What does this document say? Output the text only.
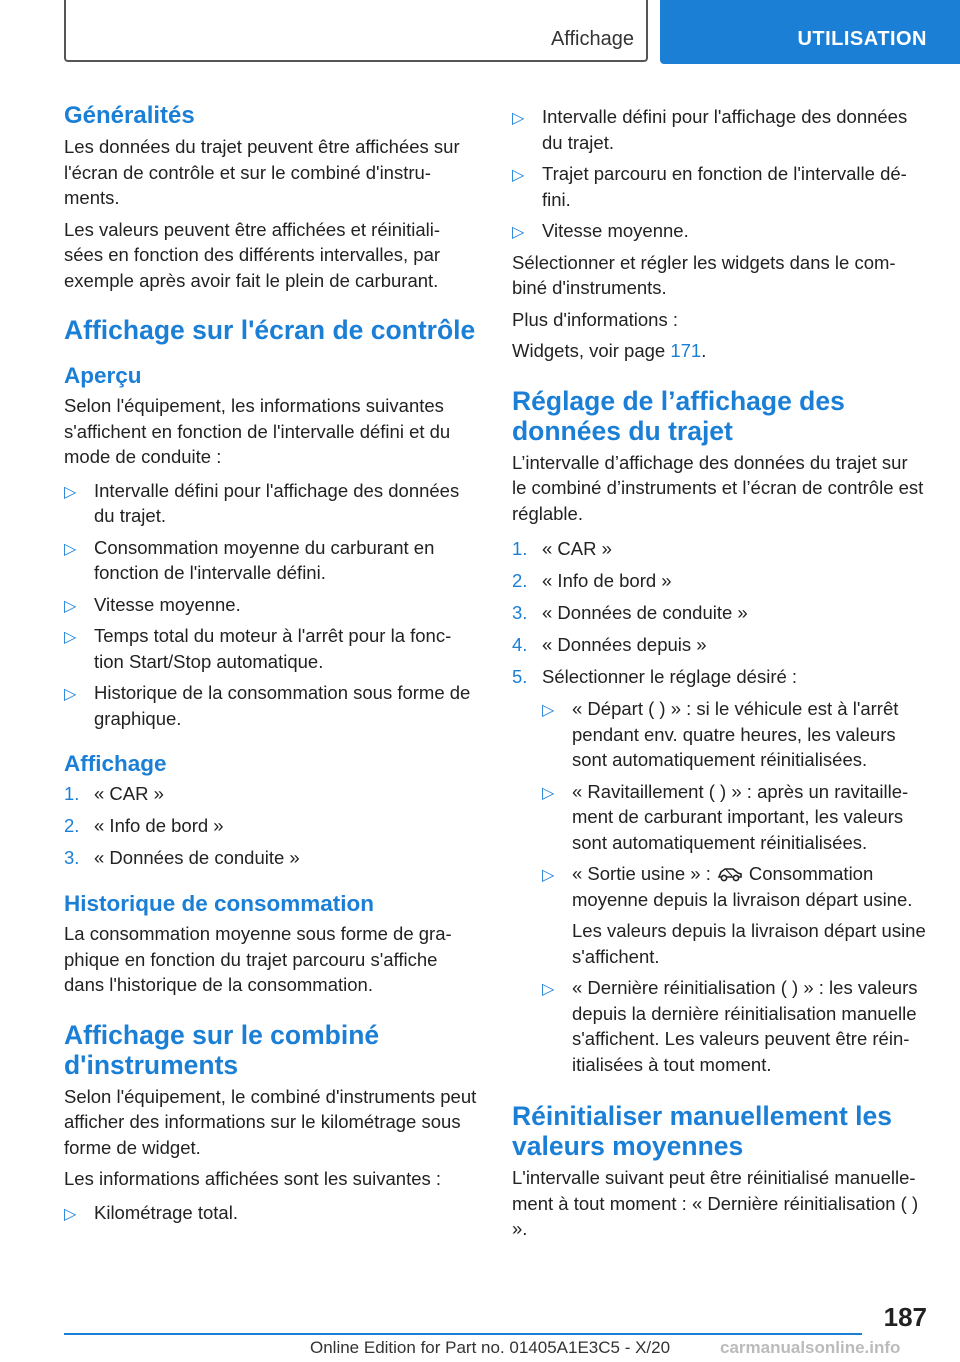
Affichage	UTILISATION
Généralités

Les données du trajet peuvent être affichées sur l'écran de contrôle et sur le combiné d'instru-ments.

Les valeurs peuvent être affichées et réinitiali-sées en fonction des différents intervalles, par exemple après avoir fait le plein de carburant.

Affichage sur l'écran de contrôle
Aperçu

Selon l'équipement, les informations suivantes s'affichent en fonction de l'intervalle défini et du mode de conduite :

▷ Intervalle défini pour l'affichage des données du trajet.
▷ Consommation moyenne du carburant en fonction de l'intervalle défini.
▷ Vitesse moyenne.
▷ Temps total du moteur à l'arrêt pour la fonc-tion Start/Stop automatique.
▷ Historique de la consommation sous forme de graphique.
Affichage
1. « CAR »
2. « Info de bord »
3. « Données de conduite »
Historique de consommation

La consommation moyenne sous forme de gra-phique en fonction du trajet parcouru s'affiche dans l'historique de la consommation.

Affichage sur le combiné d'instruments

Selon l'équipement, le combiné d'instruments peut afficher des informations sur le kilométrage sous forme de widget.

Les informations affichées sont les suivantes :

▷ Kilométrage total.
▷ Intervalle défini pour l'affichage des données du trajet.
▷ Trajet parcouru en fonction de l'intervalle dé-fini.
▷ Vitesse moyenne.

Sélectionner et régler les widgets dans le com-biné d'instruments.

Plus d'informations :

Widgets, voir page 171.

Réglage de l’affichage des données du trajet

L’intervalle d’affichage des données du trajet sur le combiné d’instruments et l’écran de contrôle est réglable.

1. « CAR »
2. « Info de bord »
3. « Données de conduite »
4. « Données depuis »
5. Sélectionner le réglage désiré :
▷ « Départ ( ) » : si le véhicule est à l'arrêt pendant env. quatre heures, les valeurs sont automatiquement réinitialisées.
▷ « Ravitaillement ( ) » : après un ravitaille-ment de carburant important, les valeurs sont automatiquement réinitialisées.
▷ « Sortie usine » : Consommation moyenne depuis la livraison départ usine.
Les valeurs depuis la livraison départ usine s'affichent.
▷ « Dernière réinitialisation ( ) » : les valeurs depuis la dernière réinitialisation manuelle s'affichent. Les valeurs peuvent être réin-itialisées à tout moment.
Réinitialiser manuellement les valeurs moyennes

L'intervalle suivant peut être réinitialisé manuelle-ment à tout moment : « Dernière réinitialisation ( ) ».

187
Online Edition for Part no. 01405A1E3C5 - X/20	carmanualsonline.info
